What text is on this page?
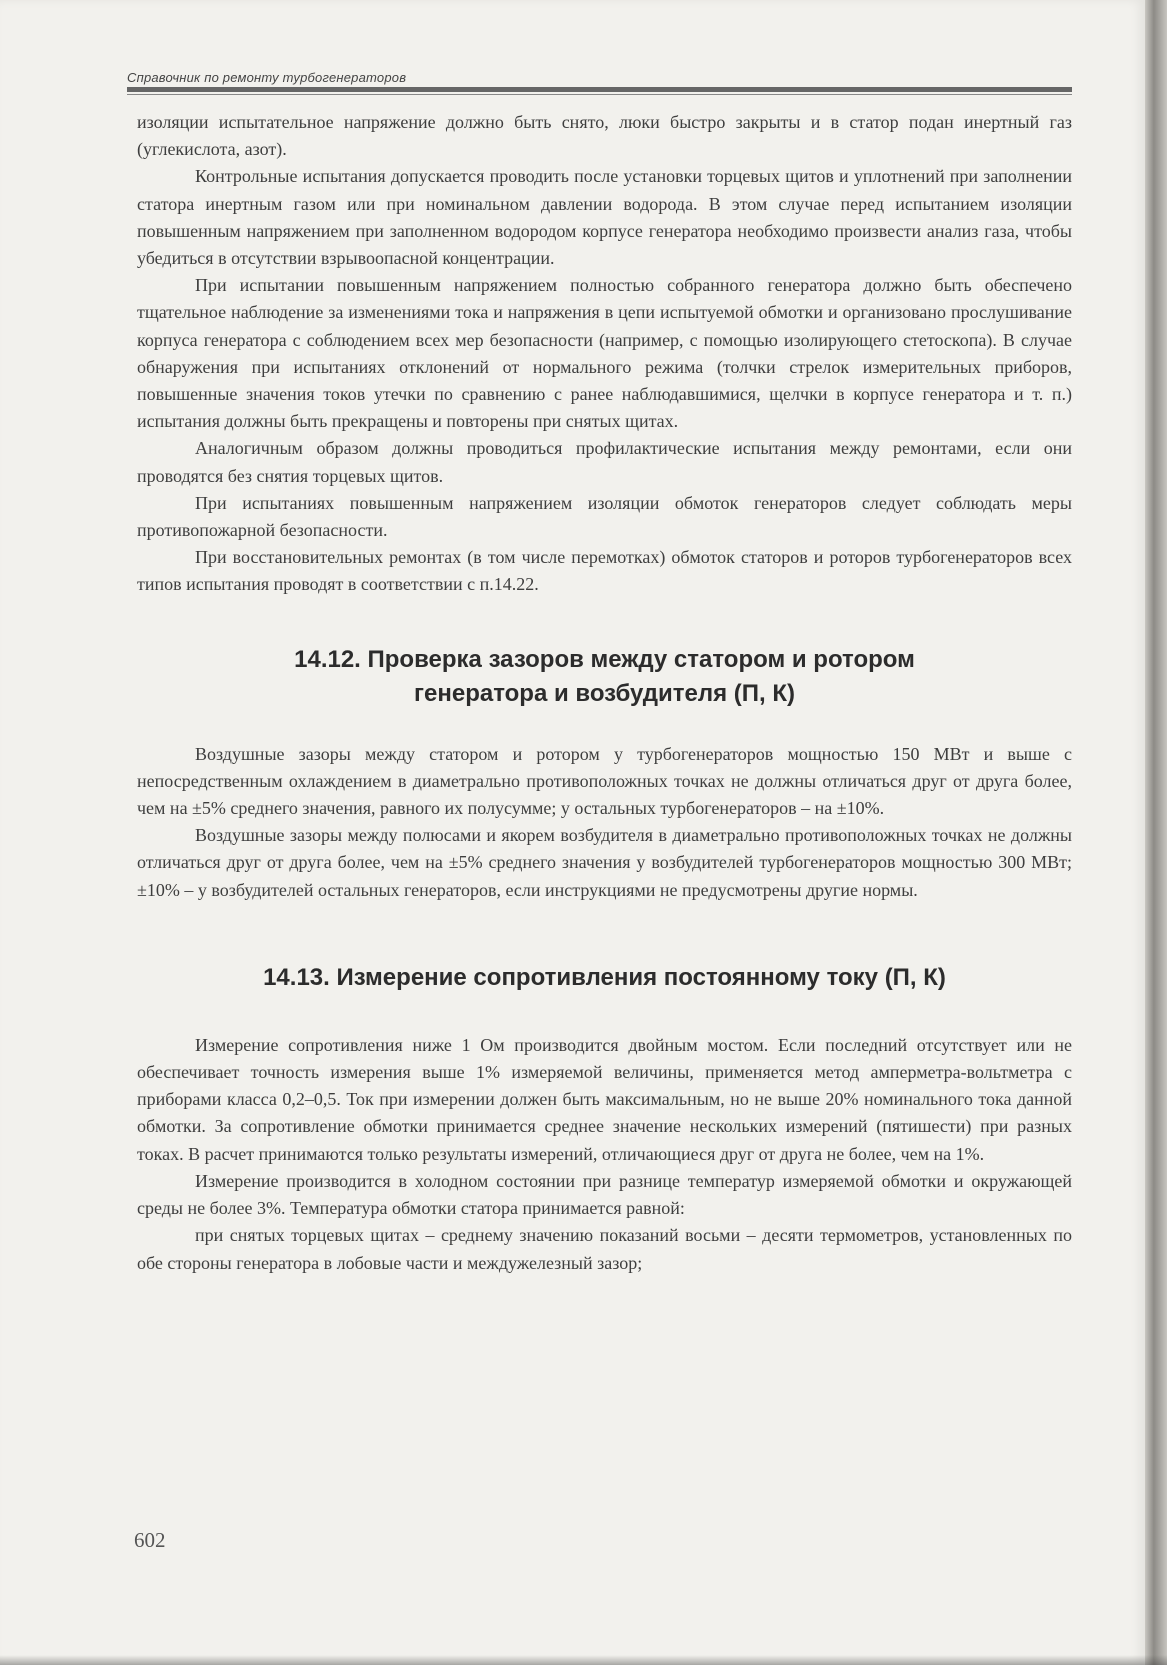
Справочник по ремонту турбогенераторов

изоляции испытательное напряжение должно быть снято, люки быстро закрыты и в статор подан инертный газ (углекислота, азот).

Контрольные испытания допускается проводить после установки торцевых щитов и уплотнений при заполнении статора инертным газом или при номинальном давлении водорода. В этом случае перед испытанием изоляции повышенным напряжением при заполненном водородом корпусе генератора необходимо произвести анализ газа, чтобы убедиться в отсутствии взрывоопасной концентрации.

При испытании повышенным напряжением полностью собранного генератора должно быть обеспечено тщательное наблюдение за изменениями тока и напряжения в цепи испытуемой обмотки и организовано прослушивание корпуса генератора с соблюдением всех мер безопасности (например, с помощью изолирующего стетоскопа). В случае обнаружения при испытаниях отклонений от нормального режима (толчки стрелок измерительных приборов, повышенные значения токов утечки по сравнению с ранее наблюдавшимися, щелчки в корпусе генератора и т. п.) испытания должны быть прекращены и повторены при снятых щитах.

Аналогичным образом должны проводиться профилактические испытания между ремонтами, если они проводятся без снятия торцевых щитов.

При испытаниях повышенным напряжением изоляции обмоток генераторов следует соблюдать меры противопожарной безопасности.

При восстановительных ремонтах (в том числе перемотках) обмоток статоров и роторов турбогенераторов всех типов испытания проводят в соответствии с п.14.22.

14.12. Проверка зазоров между статором и ротором
генератора и возбудителя (П, К)

Воздушные зазоры между статором и ротором у турбогенераторов мощностью 150 МВт и выше с непосредственным охлаждением в диаметрально противоположных точках не должны отличаться друг от друга более, чем на ±5% среднего значения, равного их полусумме; у остальных турбогенераторов – на ±10%.

Воздушные зазоры между полюсами и якорем возбудителя в диаметрально противоположных точках не должны отличаться друг от друга более, чем на ±5% среднего значения у возбудителей турбогенераторов мощностью 300 МВт; ±10% – у возбудителей остальных генераторов, если инструкциями не предусмотрены другие нормы.

14.13. Измерение сопротивления постоянному току (П, К)

Измерение сопротивления ниже 1 Ом производится двойным мостом. Если последний отсутствует или не обеспечивает точность измерения выше 1% измеряемой величины, применяется метод амперметра-вольтметра с приборами класса 0,2–0,5. Ток при измерении должен быть максимальным, но не выше 20% номинального тока данной обмотки. За сопротивление обмотки принимается среднее значение нескольких измерений (пятишести) при разных токах. В расчет принимаются только результаты измерений, отличающиеся друг от друга не более, чем на 1%.

Измерение производится в холодном состоянии при разнице температур измеряемой обмотки и окружающей среды не более 3%. Температура обмотки статора принимается равной:

при снятых торцевых щитах – среднему значению показаний восьми – десяти термометров, установленных по обе стороны генератора в лобовые части и междужелезный зазор;

602
